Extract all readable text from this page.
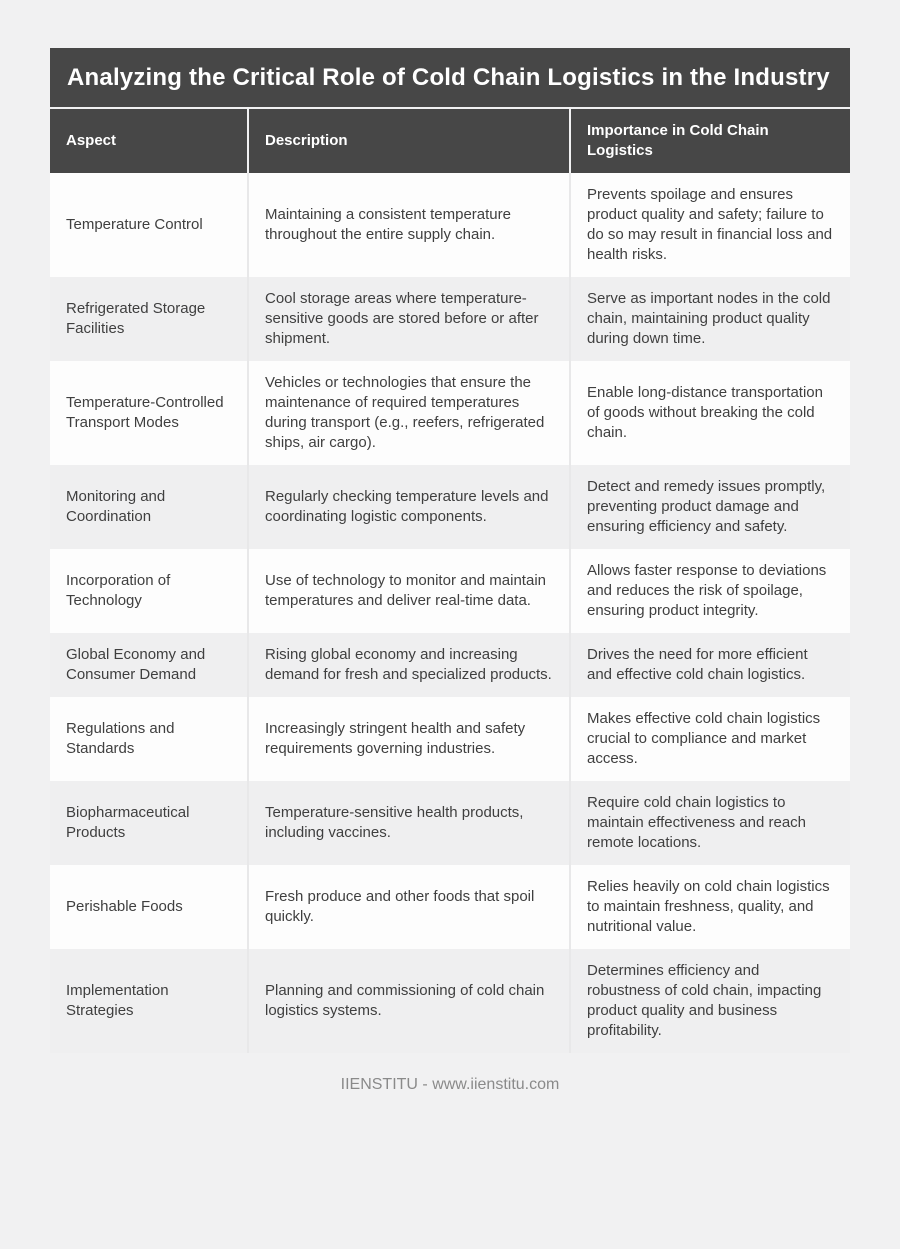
Analyzing the Critical Role of Cold Chain Logistics in the Industry
Aspect	Description	Importance in Cold Chain Logistics
Temperature Control	Maintaining a consistent temperature throughout the entire supply chain.	Prevents spoilage and ensures product quality and safety; failure to do so may result in financial loss and health risks.
Refrigerated Storage Facilities	Cool storage areas where temperature-sensitive goods are stored before or after shipment.	Serve as important nodes in the cold chain, maintaining product quality during down time.
Temperature-Controlled Transport Modes	Vehicles or technologies that ensure the maintenance of required temperatures during transport (e.g., reefers, refrigerated ships, air cargo).	Enable long-distance transportation of goods without breaking the cold chain.
Monitoring and Coordination	Regularly checking temperature levels and coordinating logistic components.	Detect and remedy issues promptly, preventing product damage and ensuring efficiency and safety.
Incorporation of Technology	Use of technology to monitor and maintain temperatures and deliver real-time data.	Allows faster response to deviations and reduces the risk of spoilage, ensuring product integrity.
Global Economy and Consumer Demand	Rising global economy and increasing demand for fresh and specialized products.	Drives the need for more efficient and effective cold chain logistics.
Regulations and Standards	Increasingly stringent health and safety requirements governing industries.	Makes effective cold chain logistics crucial to compliance and market access.
Biopharmaceutical Products	Temperature-sensitive health products, including vaccines.	Require cold chain logistics to maintain effectiveness and reach remote locations.
Perishable Foods	Fresh produce and other foods that spoil quickly.	Relies heavily on cold chain logistics to maintain freshness, quality, and nutritional value.
Implementation Strategies	Planning and commissioning of cold chain logistics systems.	Determines efficiency and robustness of cold chain, impacting product quality and business profitability.
IIENSTITU - www.iienstitu.com
